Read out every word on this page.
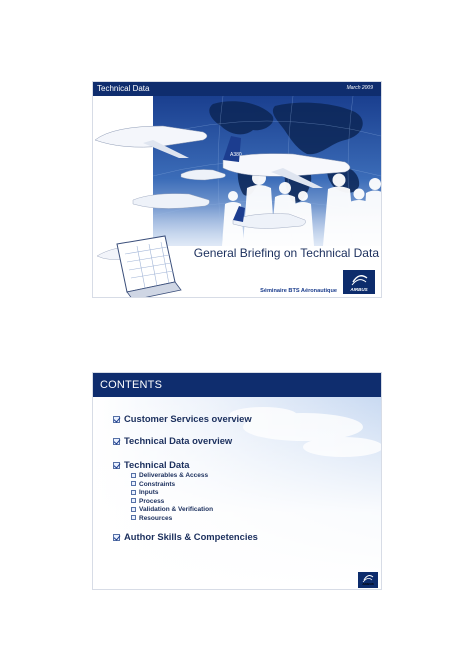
Technical Data	March 2009
A380
General Briefing on Technical Data
Séminaire BTS Aéronautique	AIRBUS
CONTENTS
Customer Services overview
Technical Data overview
Technical Data
Deliverables & Access
Constraints
Inputs
Process
Validation & Verification
Resources
Author Skills & Competencies
AIRBUS
